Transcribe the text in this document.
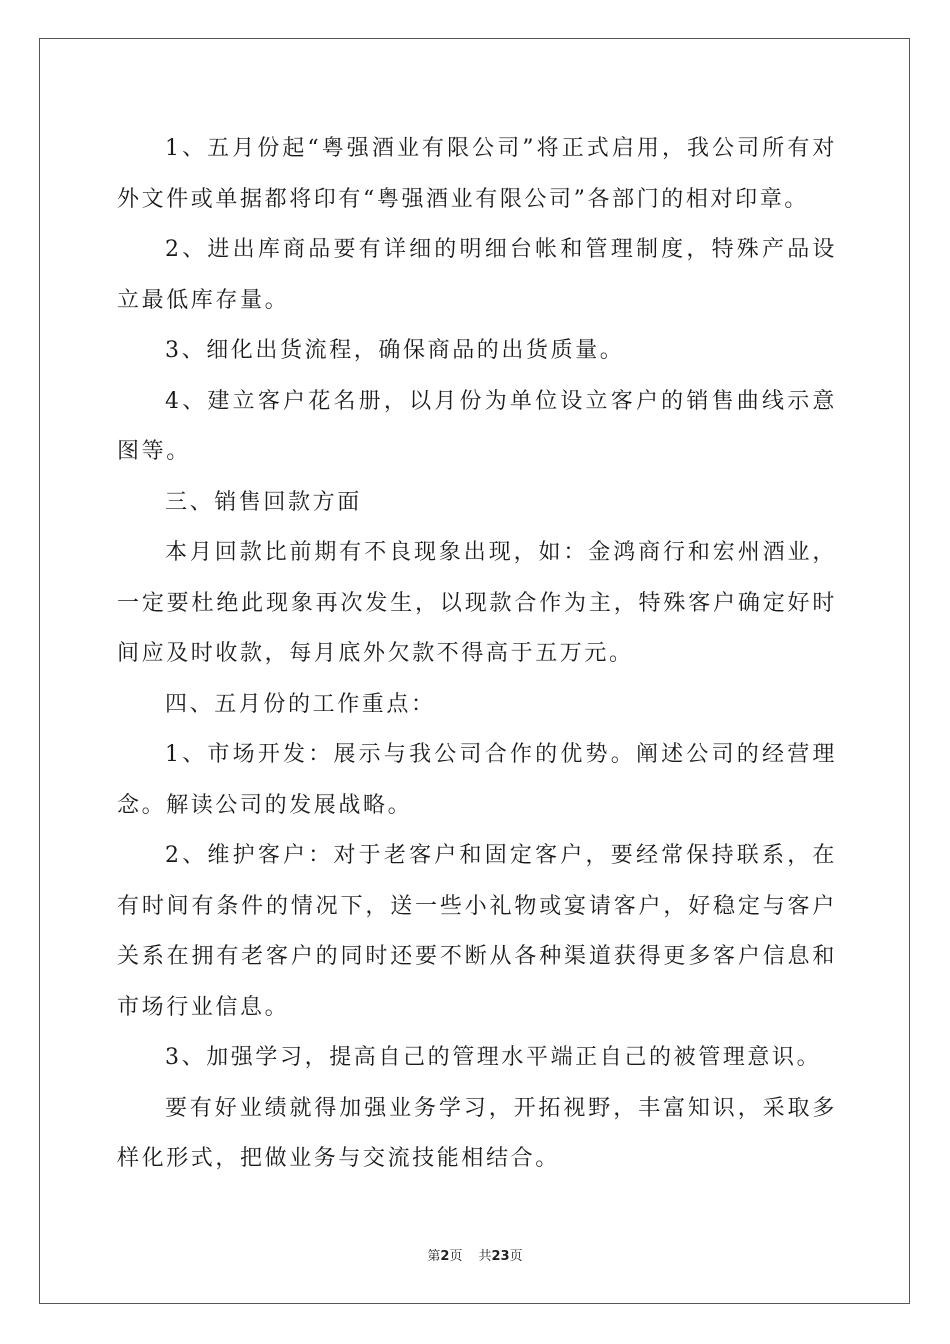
1、五月份起“粤强酒业有限公司”将正式启用，我公司所有对外文件或单据都将印有“粤强酒业有限公司”各部门的相对印章。

2、进出库商品要有详细的明细台帐和管理制度，特殊产品设立最低库存量。

3、细化出货流程，确保商品的出货质量。

4、建立客户花名册，以月份为单位设立客户的销售曲线示意图等。

三、销售回款方面

本月回款比前期有不良现象出现，如：金鸿商行和宏州酒业，一定要杜绝此现象再次发生，以现款合作为主，特殊客户确定好时间应及时收款，每月底外欠款不得高于五万元。

四、五月份的工作重点：

1、市场开发：展示与我公司合作的优势。阐述公司的经营理念。解读公司的发展战略。

2、维护客户：对于老客户和固定客户，要经常保持联系，在有时间有条件的情况下，送一些小礼物或宴请客户，好稳定与客户关系在拥有老客户的同时还要不断从各种渠道获得更多客户信息和市场行业信息。

3、加强学习，提高自己的管理水平端正自己的被管理意识。

要有好业绩就得加强业务学习，开拓视野，丰富知识，采取多样化形式，把做业务与交流技能相结合。

第2页 共23页
